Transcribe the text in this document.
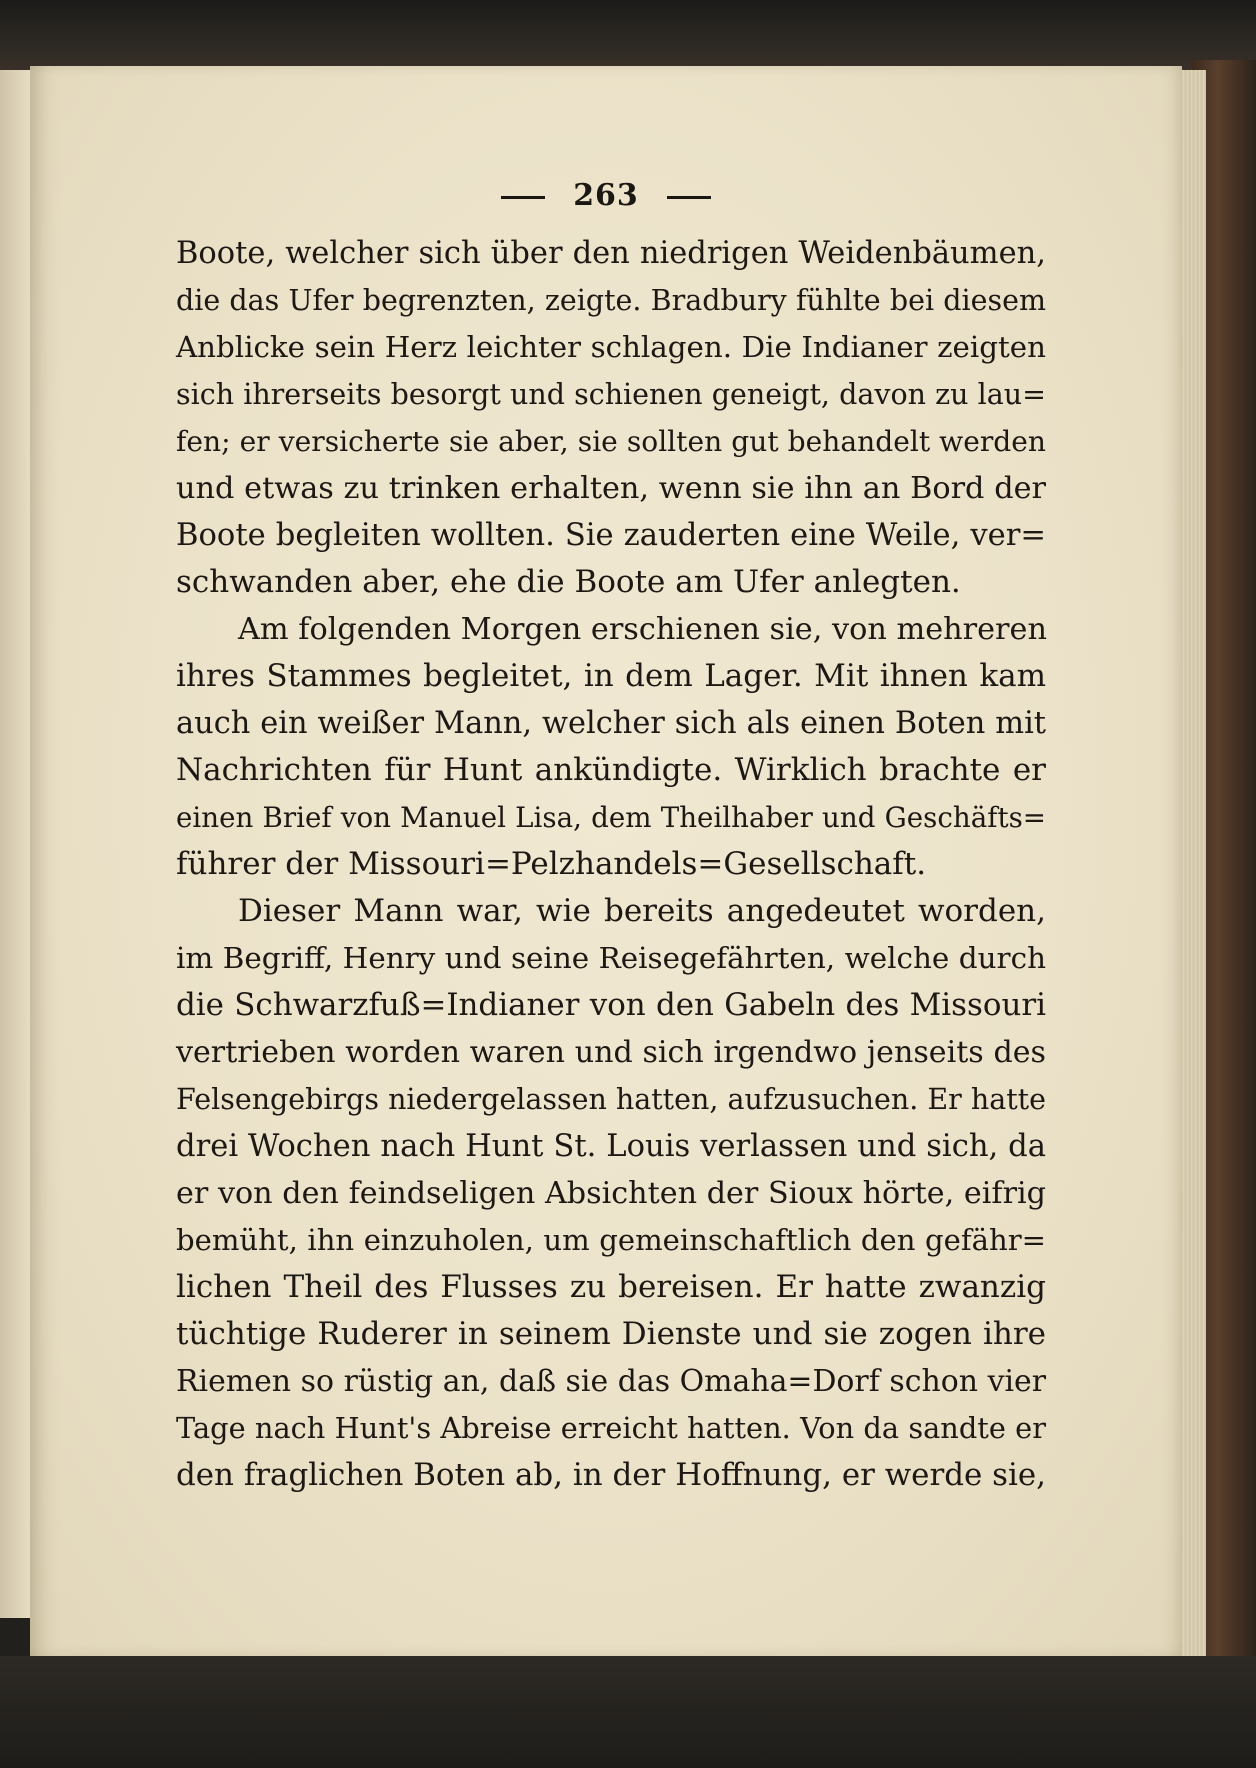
263
Boote, welcher sich über den niedrigen Weidenbäumen,
die das Ufer begrenzten, zeigte. Bradbury fühlte bei diesem
Anblicke sein Herz leichter schlagen. Die Indianer zeigten
sich ihrerseits besorgt und schienen geneigt, davon zu lau=
fen; er versicherte sie aber, sie sollten gut behandelt werden
und etwas zu trinken erhalten, wenn sie ihn an Bord der
Boote begleiten wollten. Sie zauderten eine Weile, ver=
schwanden aber, ehe die Boote am Ufer anlegten.
Am folgenden Morgen erschienen sie, von mehreren
ihres Stammes begleitet, in dem Lager. Mit ihnen kam
auch ein weißer Mann, welcher sich als einen Boten mit
Nachrichten für Hunt ankündigte. Wirklich brachte er
einen Brief von Manuel Lisa, dem Theilhaber und Geschäfts=
führer der Missouri=Pelzhandels=Gesellschaft.
Dieser Mann war, wie bereits angedeutet worden,
im Begriff, Henry und seine Reisegefährten, welche durch
die Schwarzfuß=Indianer von den Gabeln des Missouri
vertrieben worden waren und sich irgendwo jenseits des
Felsengebirgs niedergelassen hatten, aufzusuchen. Er hatte
drei Wochen nach Hunt St. Louis verlassen und sich, da
er von den feindseligen Absichten der Sioux hörte, eifrig
bemüht, ihn einzuholen, um gemeinschaftlich den gefähr=
lichen Theil des Flusses zu bereisen. Er hatte zwanzig
tüchtige Ruderer in seinem Dienste und sie zogen ihre
Riemen so rüstig an, daß sie das Omaha=Dorf schon vier
Tage nach Hunt's Abreise erreicht hatten. Von da sandte er
den fraglichen Boten ab, in der Hoffnung, er werde sie,
